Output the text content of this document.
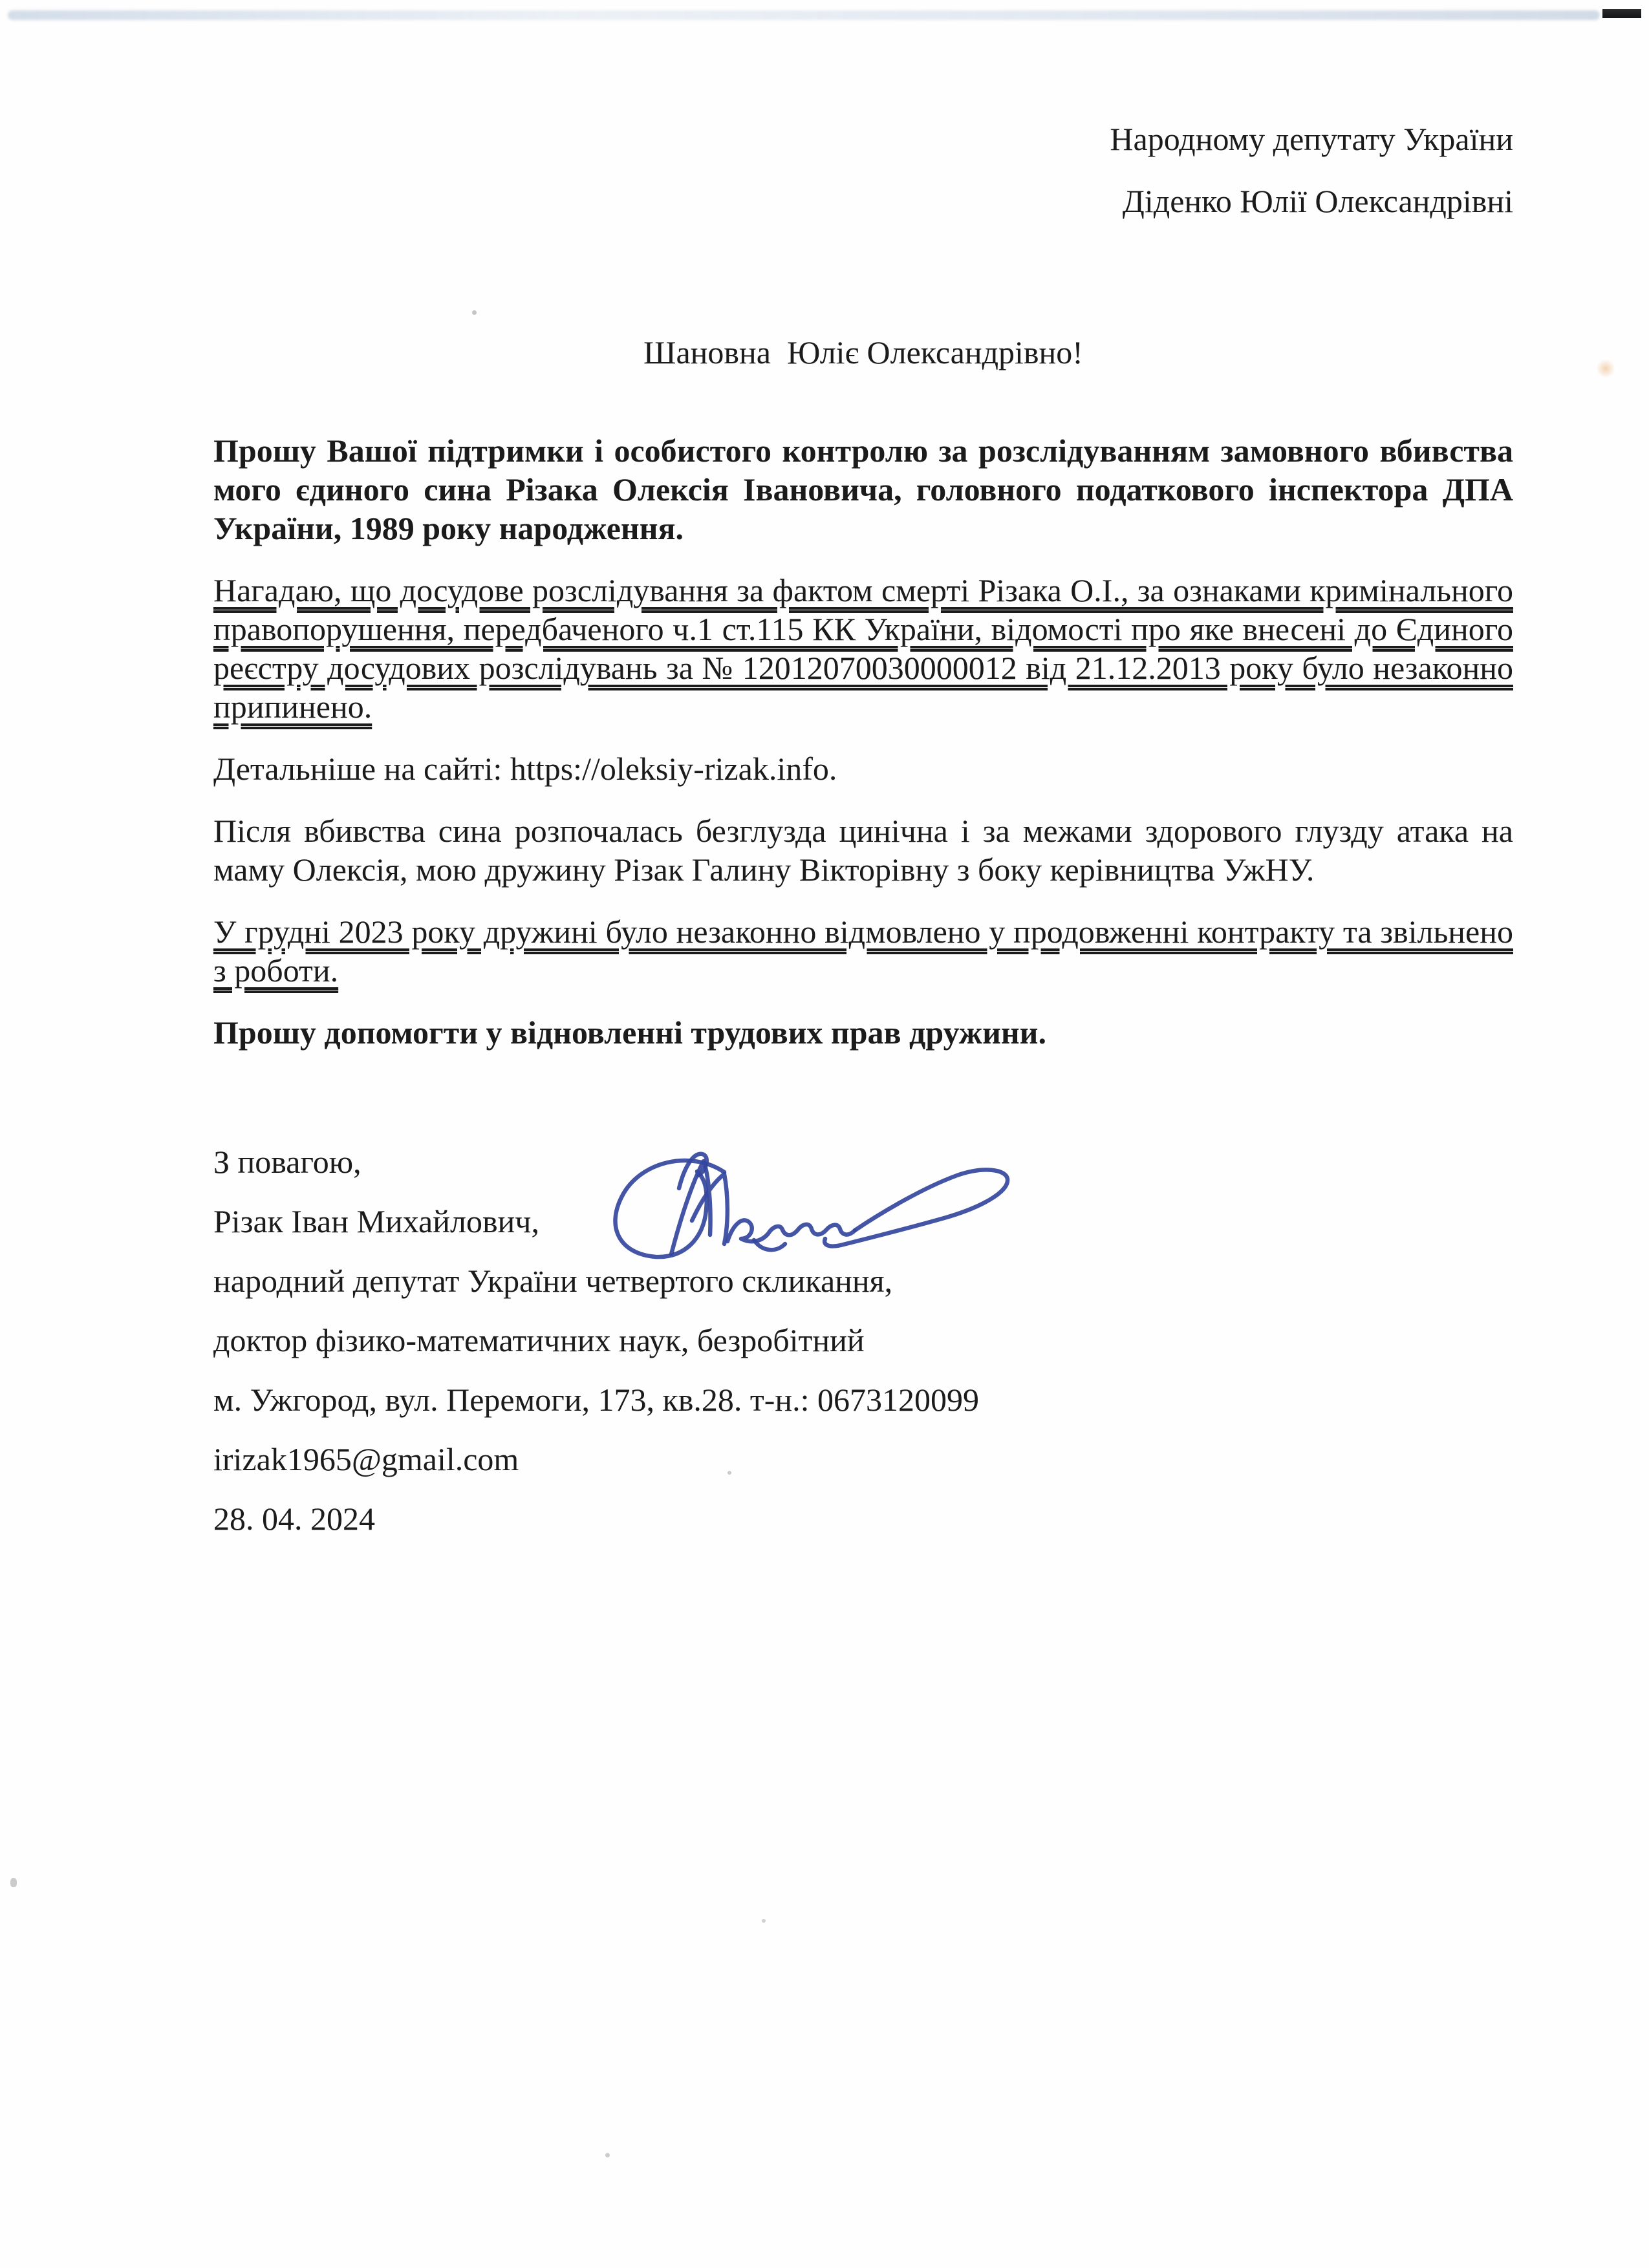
Народному депутату України
Діденко Юлії Олександрівні
Шановна  Юліє Олександрівно!

Прошу Вашої підтримки і особистого контролю за розслідуванням замовного вбивства мого єдиного сина Різака Олексія Івановича, головного податкового інспектора ДПА України, 1989 року народження.

Нагадаю, що досудове розслідування за фактом смерті Різака О.І., за ознаками кримінального правопорушення, передбаченого ч.1 ст.115 КК України, відомості про яке внесені до Єдиного реєстру досудових розслідувань за № 12012070030000012 від 21.12.2013 року було незаконно припинено.

Детальніше на сайті: https://oleksiy-rizak.info.

Після вбивства сина розпочалась безглузда цинічна і за межами здорового глузду атака на маму Олексія, мою дружину Різак Галину Вікторівну з боку керівництва УжНУ.

У грудні 2023 року дружині було незаконно відмовлено у продовженні контракту та звільнено з роботи.

Прошу допомогти у відновленні трудових прав дружини.

З повагою,
Різак Іван Михайлович,
народний депутат України четвертого скликання,
доктор фізико-математичних наук, безробітний
м. Ужгород, вул. Перемоги, 173, кв.28. т-н.: 0673120099
irizak1965@gmail.com
28. 04. 2024
